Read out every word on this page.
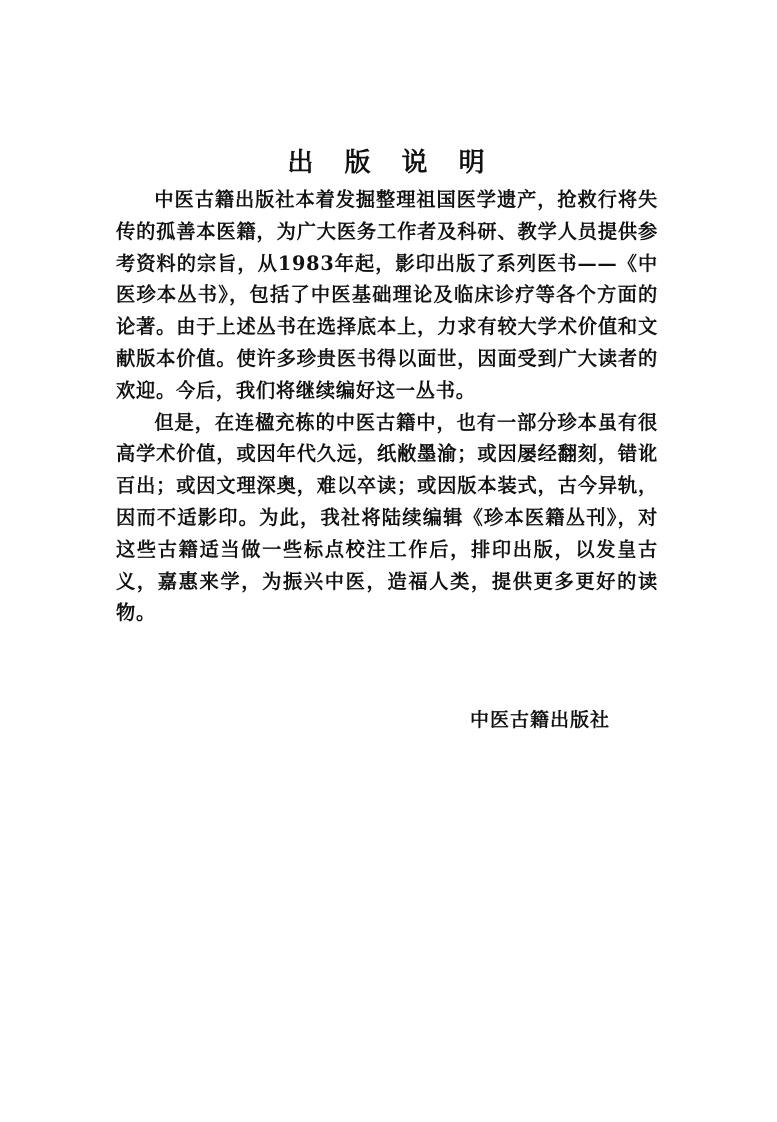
出 版 说 明

中医古籍出版社本着发掘整理祖国医学遗产，抢救行将失传的孤善本医籍，为广大医务工作者及科研、教学人员提供参考资料的宗旨，从1983年起，影印出版了系列医书——《中医珍本丛书》，包括了中医基础理论及临床诊疗等各个方面的论著。由于上述丛书在选择底本上，力求有较大学术价值和文献版本价值。使许多珍贵医书得以面世，因面受到广大读者的欢迎。今后，我们将继续编好这一丛书。

但是，在连楹充栋的中医古籍中，也有一部分珍本虽有很高学术价值，或因年代久远，纸敝墨渝；或因屡经翻刻，错讹百出；或因文理深奥，难以卒读；或因版本装式，古今异轨，因而不适影印。为此，我社将陆续编辑《珍本医籍丛刊》，对这些古籍适当做一些标点校注工作后，排印出版，以发皇古义，嘉惠来学，为振兴中医，造福人类，提供更多更好的读物。

中医古籍出版社
